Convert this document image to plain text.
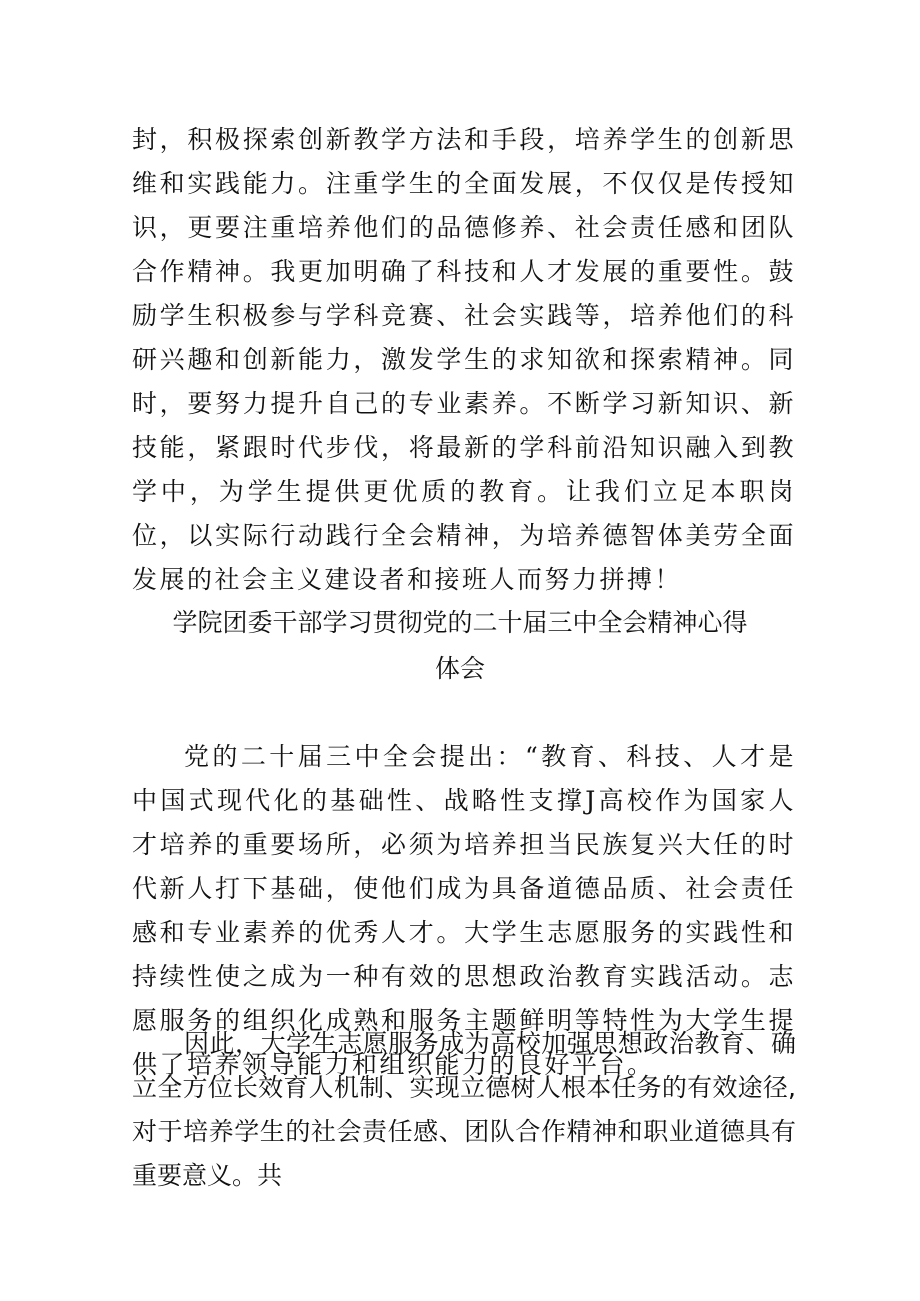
封，积极探索创新教学方法和手段，培养学生的创新思维和实践能力。注重学生的全面发展，不仅仅是传授知识，更要注重培养他们的品德修养、社会责任感和团队合作精神。我更加明确了科技和人才发展的重要性。鼓励学生积极参与学科竞赛、社会实践等，培养他们的科研兴趣和创新能力，激发学生的求知欲和探索精神。同时，要努力提升自己的专业素养。不断学习新知识、新技能，紧跟时代步伐，将最新的学科前沿知识融入到教学中，为学生提供更优质的教育。让我们立足本职岗位，以实际行动践行全会精神，为培养德智体美劳全面发展的社会主义建设者和接班人而努力拼搏！

学院团委干部学习贯彻党的二十届三中全会精神心得
体会

党的二十届三中全会提出：“教育、科技、人才是中国式现代化的基础性、战略性支撑J高校作为国家人才培养的重要场所，必须为培养担当民族复兴大任的时代新人打下基础，使他们成为具备道德品质、社会责任感和专业素养的优秀人才。大学生志愿服务的实践性和持续性使之成为一种有效的思想政治教育实践活动。志愿服务的组织化成熟和服务主题鲜明等特性为大学生提供了培养领导能力和组织能力的良好平台。

因此，大学生志愿服务成为高校加强思想政治教育、确立全方位长效育人机制、实现立德树人根本任务的有效途径,对于培养学生的社会责任感、团队合作精神和职业道德具有重要意义。共
